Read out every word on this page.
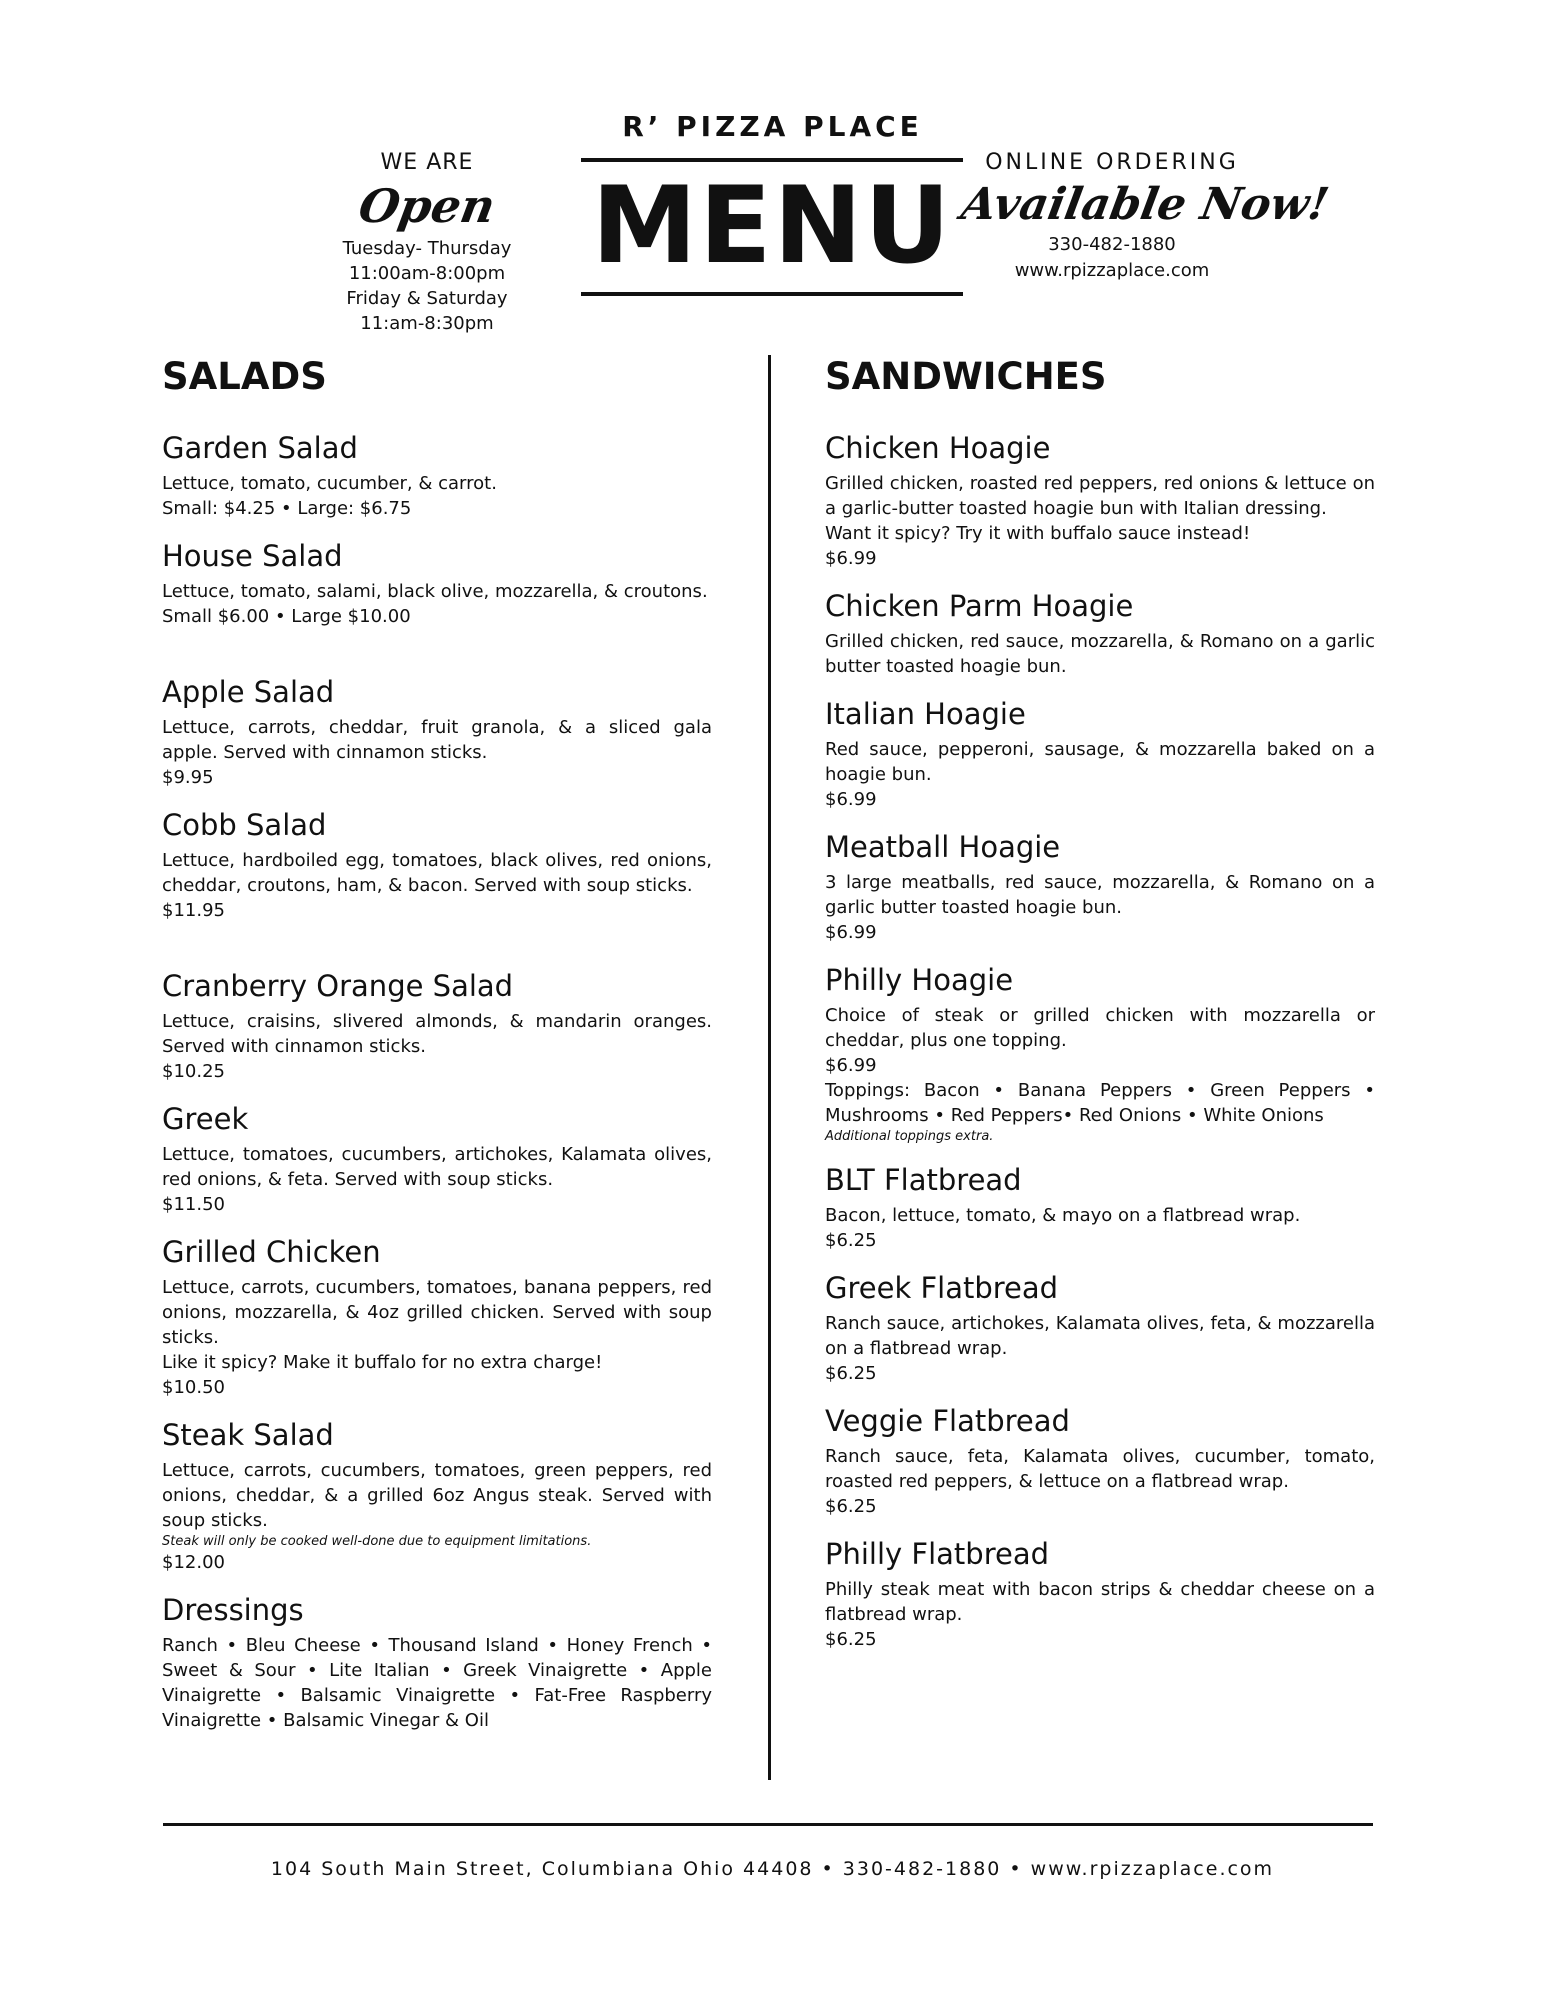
R’ PIZZA PLACE
MENU
WE ARE
Open
Tuesday- Thursday
11:00am-8:00pm
Friday & Saturday
11:am-8:30pm
ONLINE ORDERING
Available Now!
330-482-1880
www.rpizzaplace.com
SALADS
Garden Salad
Lettuce, tomato, cucumber, & carrot.
Small: $4.25 • Large: $6.75
House Salad
Lettuce, tomato, salami, black olive, mozzarella, & croutons.
Small $6.00 • Large $10.00
Apple Salad
Lettuce, carrots, cheddar, fruit granola, & a sliced gala apple. Served with cinnamon sticks.
$9.95
Cobb Salad
Lettuce, hardboiled egg, tomatoes, black olives, red onions, cheddar, croutons, ham, & bacon. Served with soup sticks.
$11.95
Cranberry Orange Salad
Lettuce, craisins, slivered almonds, & mandarin oranges. Served with cinnamon sticks.
$10.25
Greek
Lettuce, tomatoes, cucumbers, artichokes, Kalamata olives, red onions, & feta. Served with soup sticks.
$11.50
Grilled Chicken
Lettuce, carrots, cucumbers, tomatoes, banana peppers, red onions, mozzarella, & 4oz grilled chicken. Served with soup sticks.
Like it spicy? Make it buffalo for no extra charge!
$10.50
Steak Salad
Lettuce, carrots, cucumbers, tomatoes, green peppers, red onions, cheddar, & a grilled 6oz Angus steak. Served with soup sticks.
Steak will only be cooked well-done due to equipment limitations.
$12.00
Dressings
Ranch • Bleu Cheese • Thousand Island • Honey French • Sweet & Sour • Lite Italian • Greek Vinaigrette • Apple Vinaigrette • Balsamic Vinaigrette • Fat-Free Raspberry Vinaigrette • Balsamic Vinegar & Oil
SANDWICHES
Chicken Hoagie
Grilled chicken, roasted red peppers, red onions & lettuce on a garlic-butter toasted hoagie bun with Italian dressing.
Want it spicy? Try it with buffalo sauce instead!
$6.99
Chicken Parm Hoagie
Grilled chicken, red sauce, mozzarella, & Romano on a garlic butter toasted hoagie bun.
Italian Hoagie
Red sauce, pepperoni, sausage, & mozzarella baked on a hoagie bun.
$6.99
Meatball Hoagie
3 large meatballs, red sauce, mozzarella, & Romano on a garlic butter toasted hoagie bun.
$6.99
Philly Hoagie
Choice of steak or grilled chicken with mozzarella or cheddar, plus one topping.
$6.99
Toppings: Bacon • Banana Peppers • Green Peppers • Mushrooms • Red Peppers• Red Onions • White Onions
Additional toppings extra.
BLT Flatbread
Bacon, lettuce, tomato, & mayo on a flatbread wrap.
$6.25
Greek Flatbread
Ranch sauce, artichokes, Kalamata olives, feta, & mozzarella on a flatbread wrap.
$6.25
Veggie Flatbread
Ranch sauce, feta, Kalamata olives, cucumber, tomato, roasted red peppers, & lettuce on a flatbread wrap.
$6.25
Philly Flatbread
Philly steak meat with bacon strips & cheddar cheese on a flatbread wrap.
$6.25
104 South Main Street, Columbiana Ohio 44408 • 330-482-1880 • www.rpizzaplace.com
